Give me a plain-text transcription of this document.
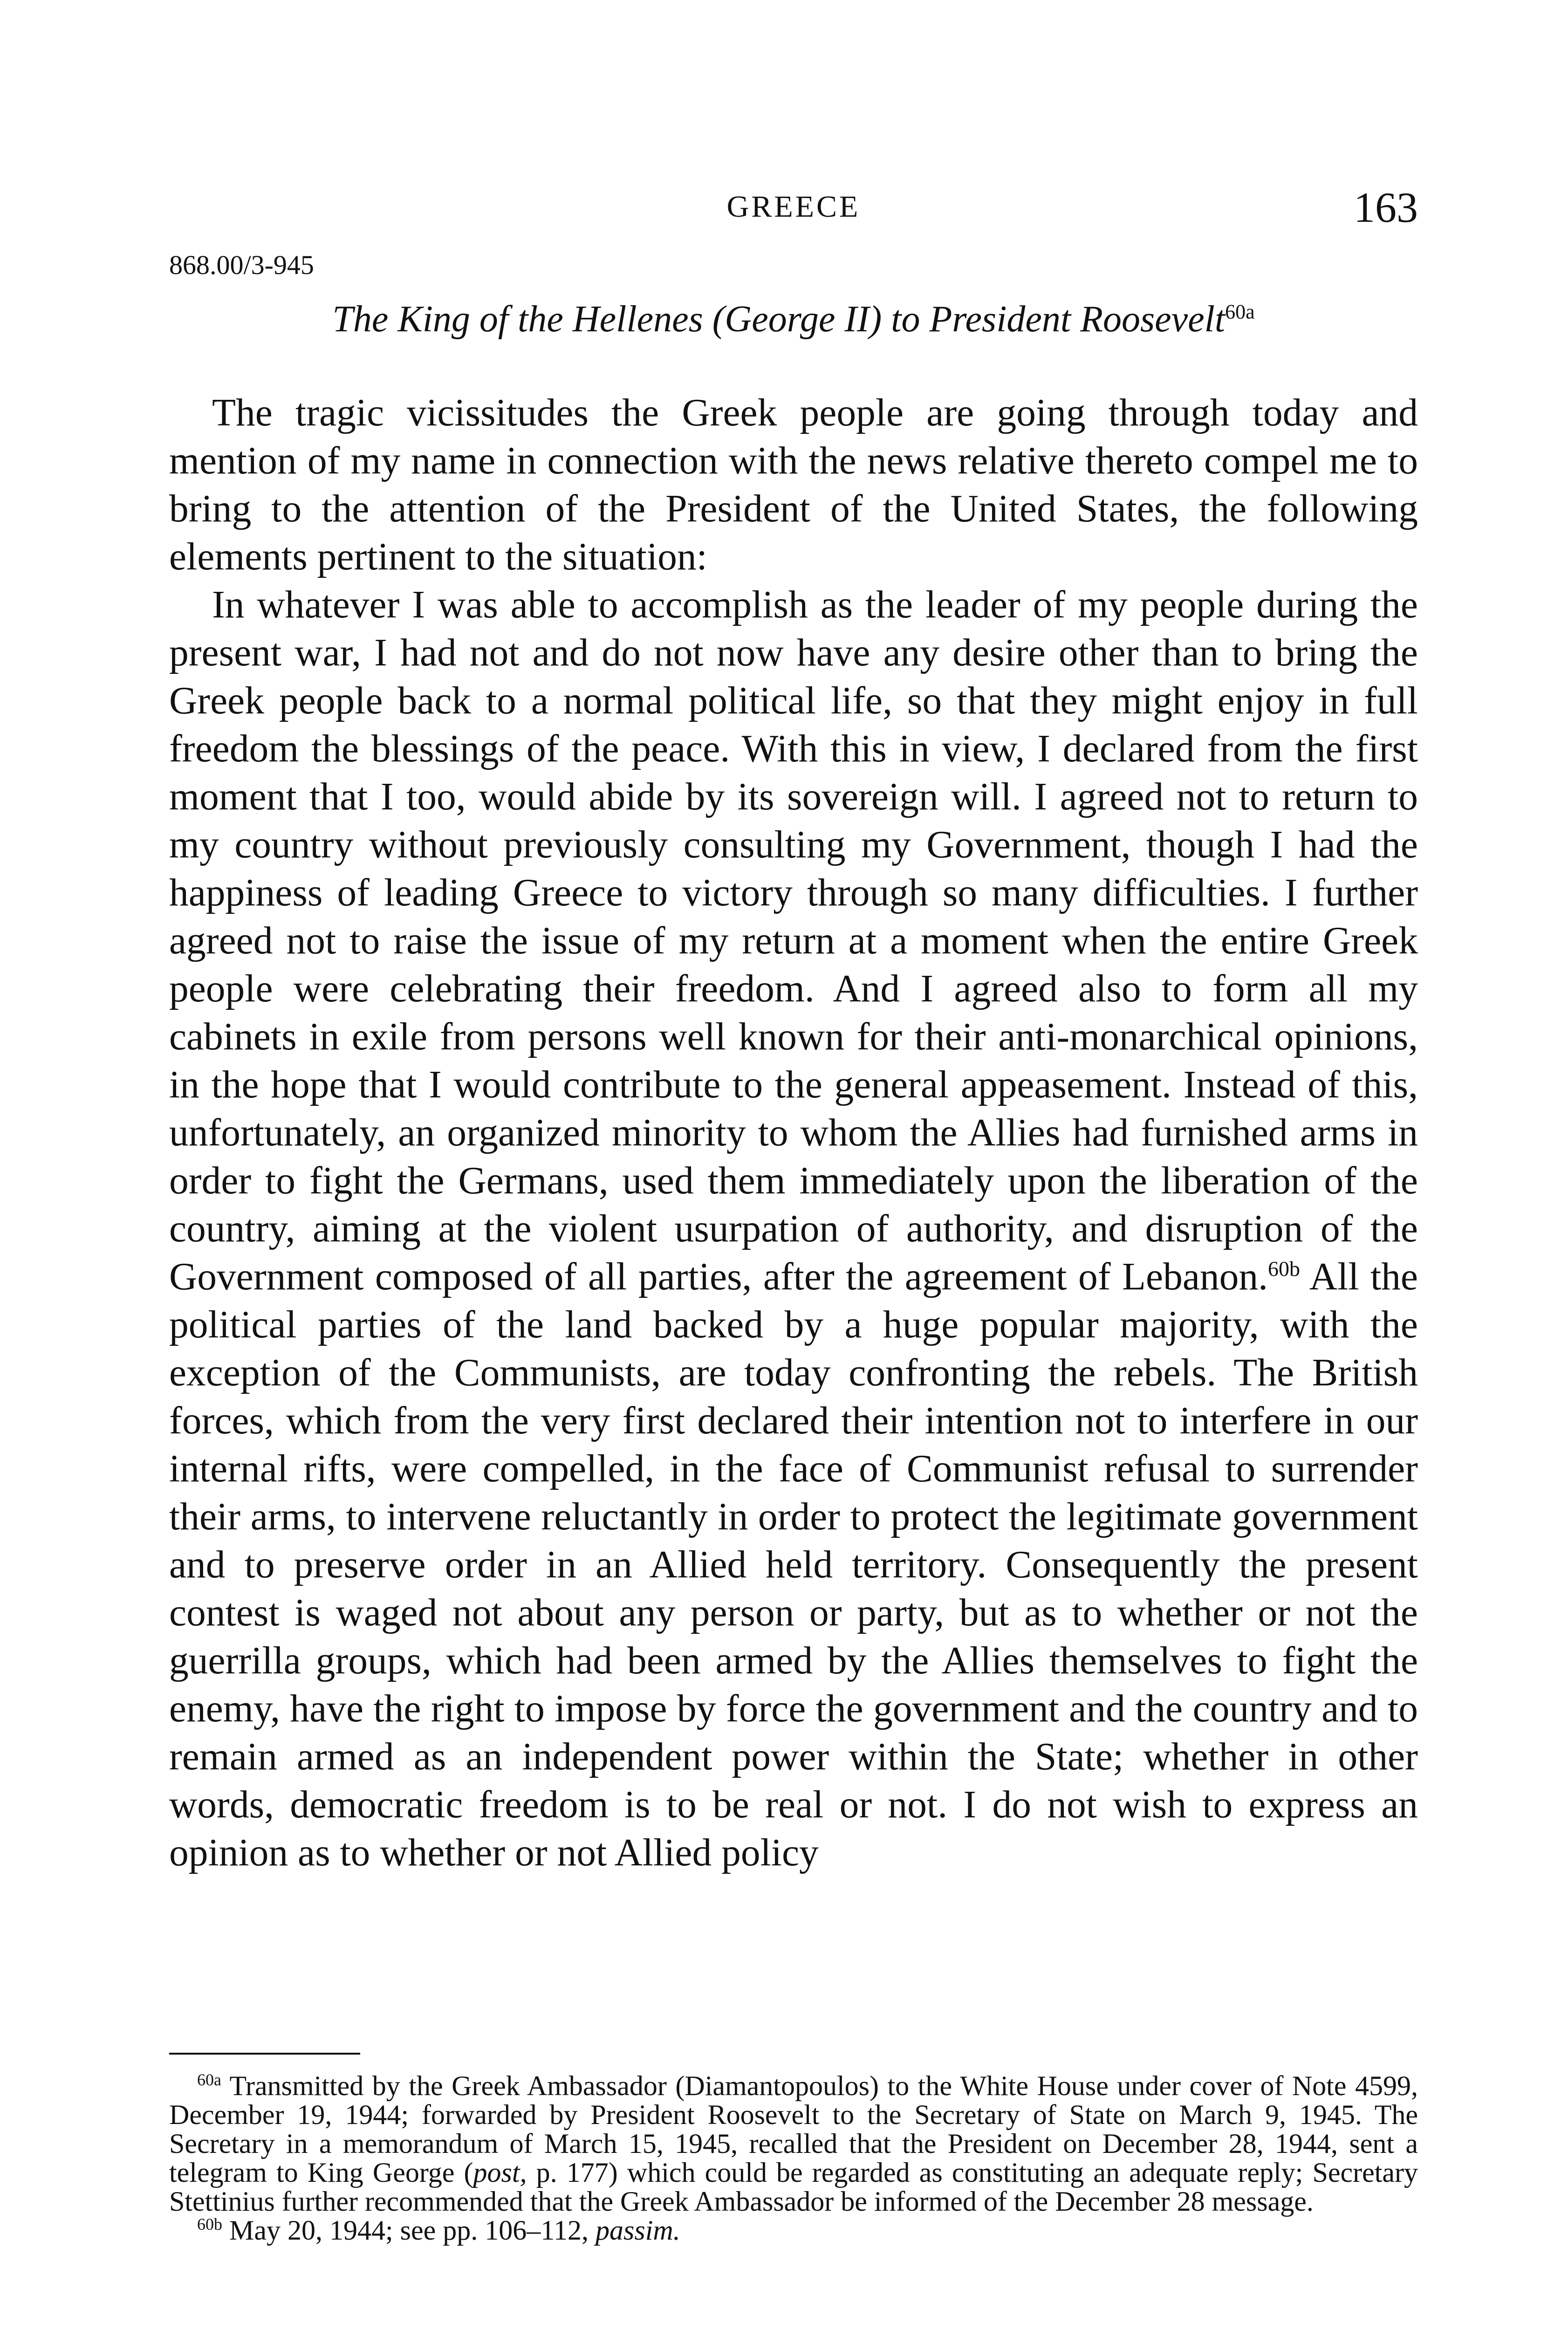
GREECE	163
868.00/3-945
The King of the Hellenes (George II) to President Roosevelt$^{60a}$

The tragic vicissitudes the Greek people are going through today and mention of my name in connection with the news relative thereto compel me to bring to the attention of the President of the United States, the following elements pertinent to the situation:

In whatever I was able to accomplish as the leader of my people during the present war, I had not and do not now have any desire other than to bring the Greek people back to a normal political life, so that they might enjoy in full freedom the blessings of the peace. With this in view, I declared from the first moment that I too, would abide by its sovereign will. I agreed not to return to my country without previously consulting my Government, though I had the happiness of leading Greece to victory through so many difficulties. I further agreed not to raise the issue of my return at a moment when the entire Greek people were celebrating their freedom. And I agreed also to form all my cabinets in exile from persons well known for their anti-monarchical opinions, in the hope that I would contribute to the general appeasement. Instead of this, unfortunately, an organized minority to whom the Allies had furnished arms in order to fight the Germans, used them immediately upon the liberation of the country, aiming at the violent usurpation of authority, and disruption of the Government composed of all parties, after the agreement of Lebanon.$^{60b}$ All the political parties of the land backed by a huge popular majority, with the exception of the Communists, are today confronting the rebels. The British forces, which from the very first declared their intention not to interfere in our internal rifts, were compelled, in the face of Communist refusal to surrender their arms, to intervene reluctantly in order to protect the legitimate government and to preserve order in an Allied held territory. Consequently the present contest is waged not about any person or party, but as to whether or not the guerrilla groups, which had been armed by the Allies themselves to fight the enemy, have the right to impose by force the government and the country and to remain armed as an independent power within the State; whether in other words, democratic freedom is to be real or not. I do not wish to express an opinion as to whether or not Allied policy

$^{60a}$ Transmitted by the Greek Ambassador (Diamantopoulos) to the White House under cover of Note 4599, December 19, 1944; forwarded by President Roosevelt to the Secretary of State on March 9, 1945. The Secretary in a memorandum of March 15, 1945, recalled that the President on December 28, 1944, sent a telegram to King George (post, p. 177) which could be regarded as constituting an adequate reply; Secretary Stettinius further recommended that the Greek Ambassador be informed of the December 28 message.

$^{60b}$ May 20, 1944; see pp. 106–112, passim.
